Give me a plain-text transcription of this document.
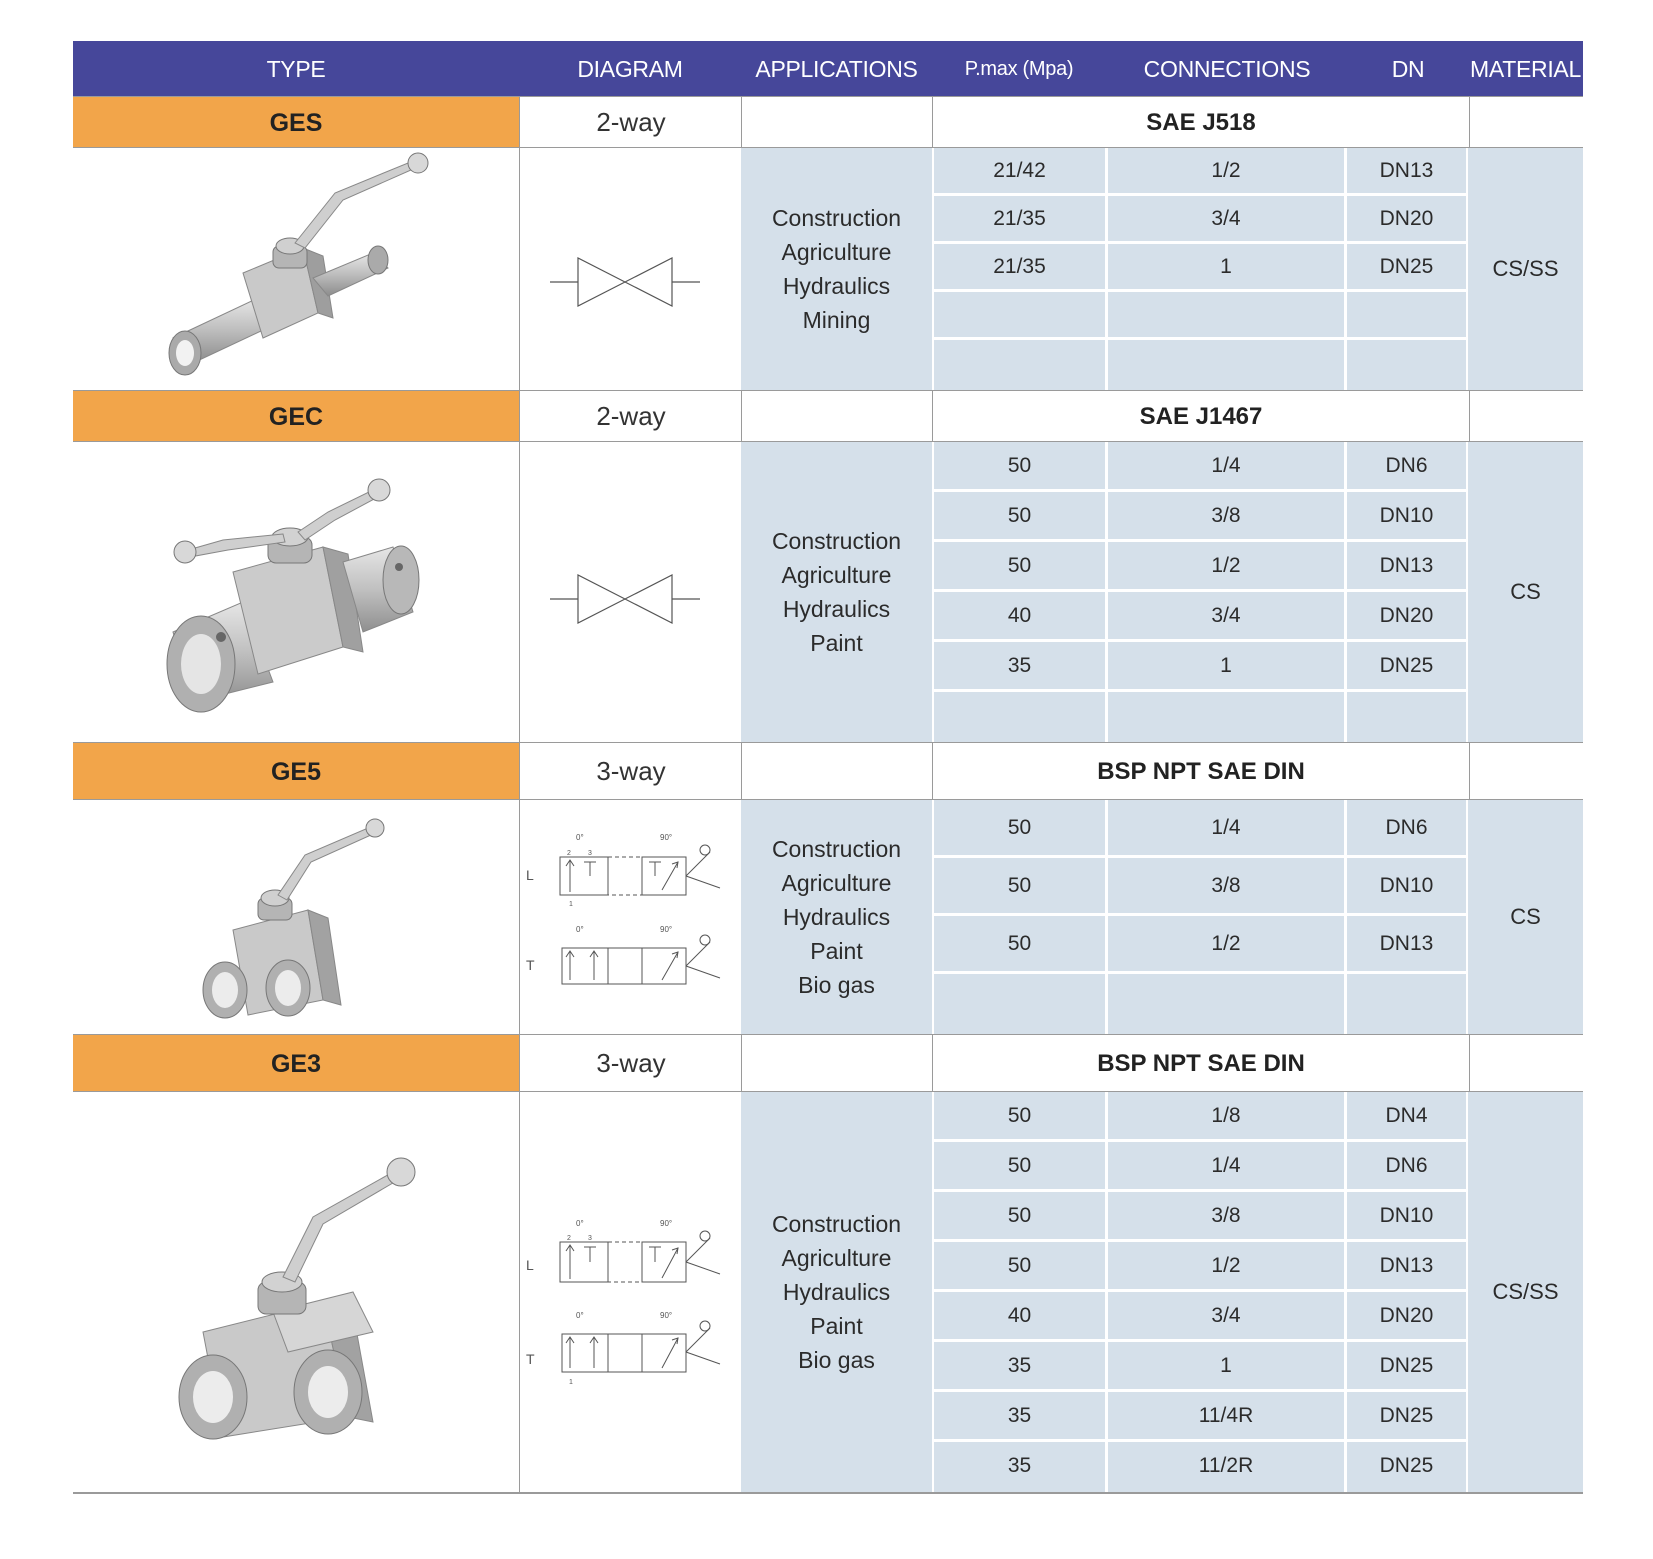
TYPE	DIAGRAM	APPLICATIONS	P.max (Mpa)	CONNECTIONS	DN	MATERIAL
GES	2-way	SAE J518
Construction
Agriculture
Hydraulics
Mining
21/42	1/2	DN13
21/35	3/4	DN20
21/35	1	DN25	CS/SS
GEC	2-way	SAE J1467
Construction
Agriculture
Hydraulics
Paint
50	1/4	DN6
50	3/8	DN10
50	1/2	DN13
40	3/4	DN20
35	1	DN25
CS
GE5	3-way	BSP NPT SAE DIN
L
T
0°	90°
0°	90°
2 3
1
Construction
Agriculture
Hydraulics
Paint
Bio gas
50	1/4	DN6
50	3/8	DN10
50	1/2	DN13
CS
GE3	3-way	BSP NPT SAE DIN
L
T
0°	90°
0°	90°
2 3
1
Construction
Agriculture
Hydraulics
Paint
Bio gas
50	1/8	DN4
50	1/4	DN6
50	3/8	DN10
50	1/2	DN13
40	3/4	DN20
35	1	DN25
35	11/4R	DN25
35	11/2R	DN25
CS/SS
